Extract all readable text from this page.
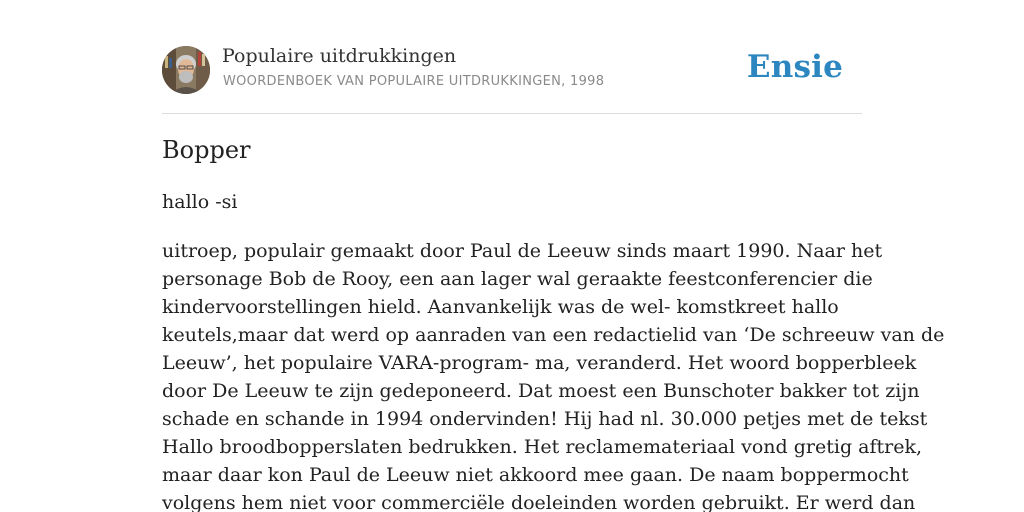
Populaire uitdrukkingen
WOORDENBOEK VAN POPULAIRE UITDRUKKINGEN, 1998	Ensie
Bopper

hallo -si

uitroep, populair gemaakt door Paul de Leeuw sinds maart 1990. Naar het
personage Bob de Rooy, een aan lager wal geraakte feestconferencier die
kindervoorstellingen hield. Aanvankelijk was de wel- komstkreet hallo
keutels,maar dat werd op aanraden van een redactielid van ‘De schreeuw van de
Leeuw’, het populaire VARA-program- ma, veranderd. Het woord bopperbleek
door De Leeuw te zijn gedeponeerd. Dat moest een Bunschoter bakker tot zijn
schade en schande in 1994 ondervinden! Hij had nl. 30.000 petjes met de tekst
Hallo broodbopperslaten bedrukken. Het reclamemateriaal vond gretig aftrek,
maar daar kon Paul de Leeuw niet akkoord mee gaan. De naam boppermocht
volgens hem niet voor commerciële doeleinden worden gebruikt. Er werd dan
